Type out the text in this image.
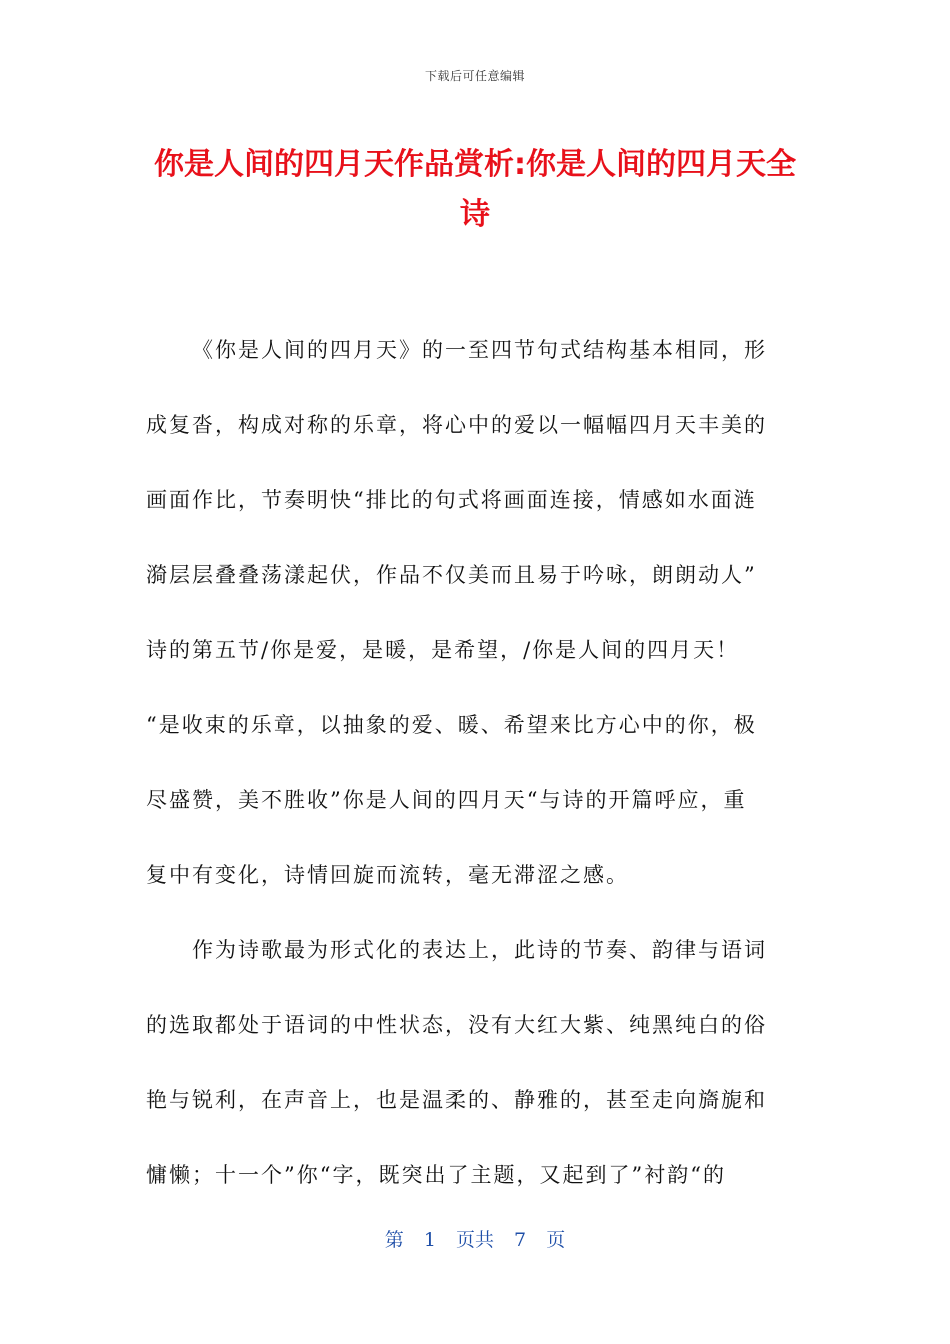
下载后可任意编辑
你是人间的四月天作品赏析:你是人间的四月天全诗
《你是人间的四月天》的一至四节句式结构基本相同，形
成复沓，构成对称的乐章，将心中的爱以一幅幅四月天丰美的
画面作比，节奏明快“排比的句式将画面连接，情感如水面涟
漪层层叠叠荡漾起伏，作品不仅美而且易于吟咏，朗朗动人”
诗的第五节/你是爱，是暖，是希望，/你是人间的四月天！
“是收束的乐章，以抽象的爱、暖、希望来比方心中的你，极
尽盛赞，美不胜收”你是人间的四月天“与诗的开篇呼应，重
复中有变化，诗情回旋而流转，毫无滞涩之感。
作为诗歌最为形式化的表达上，此诗的节奏、韵律与语词
的选取都处于语词的中性状态，没有大红大紫、纯黑纯白的俗
艳与锐利，在声音上，也是温柔的、静雅的，甚至走向旖旎和
慵懒；十一个”你“字，既突出了主题，又起到了”衬韵“的
第 1 页共 7 页
